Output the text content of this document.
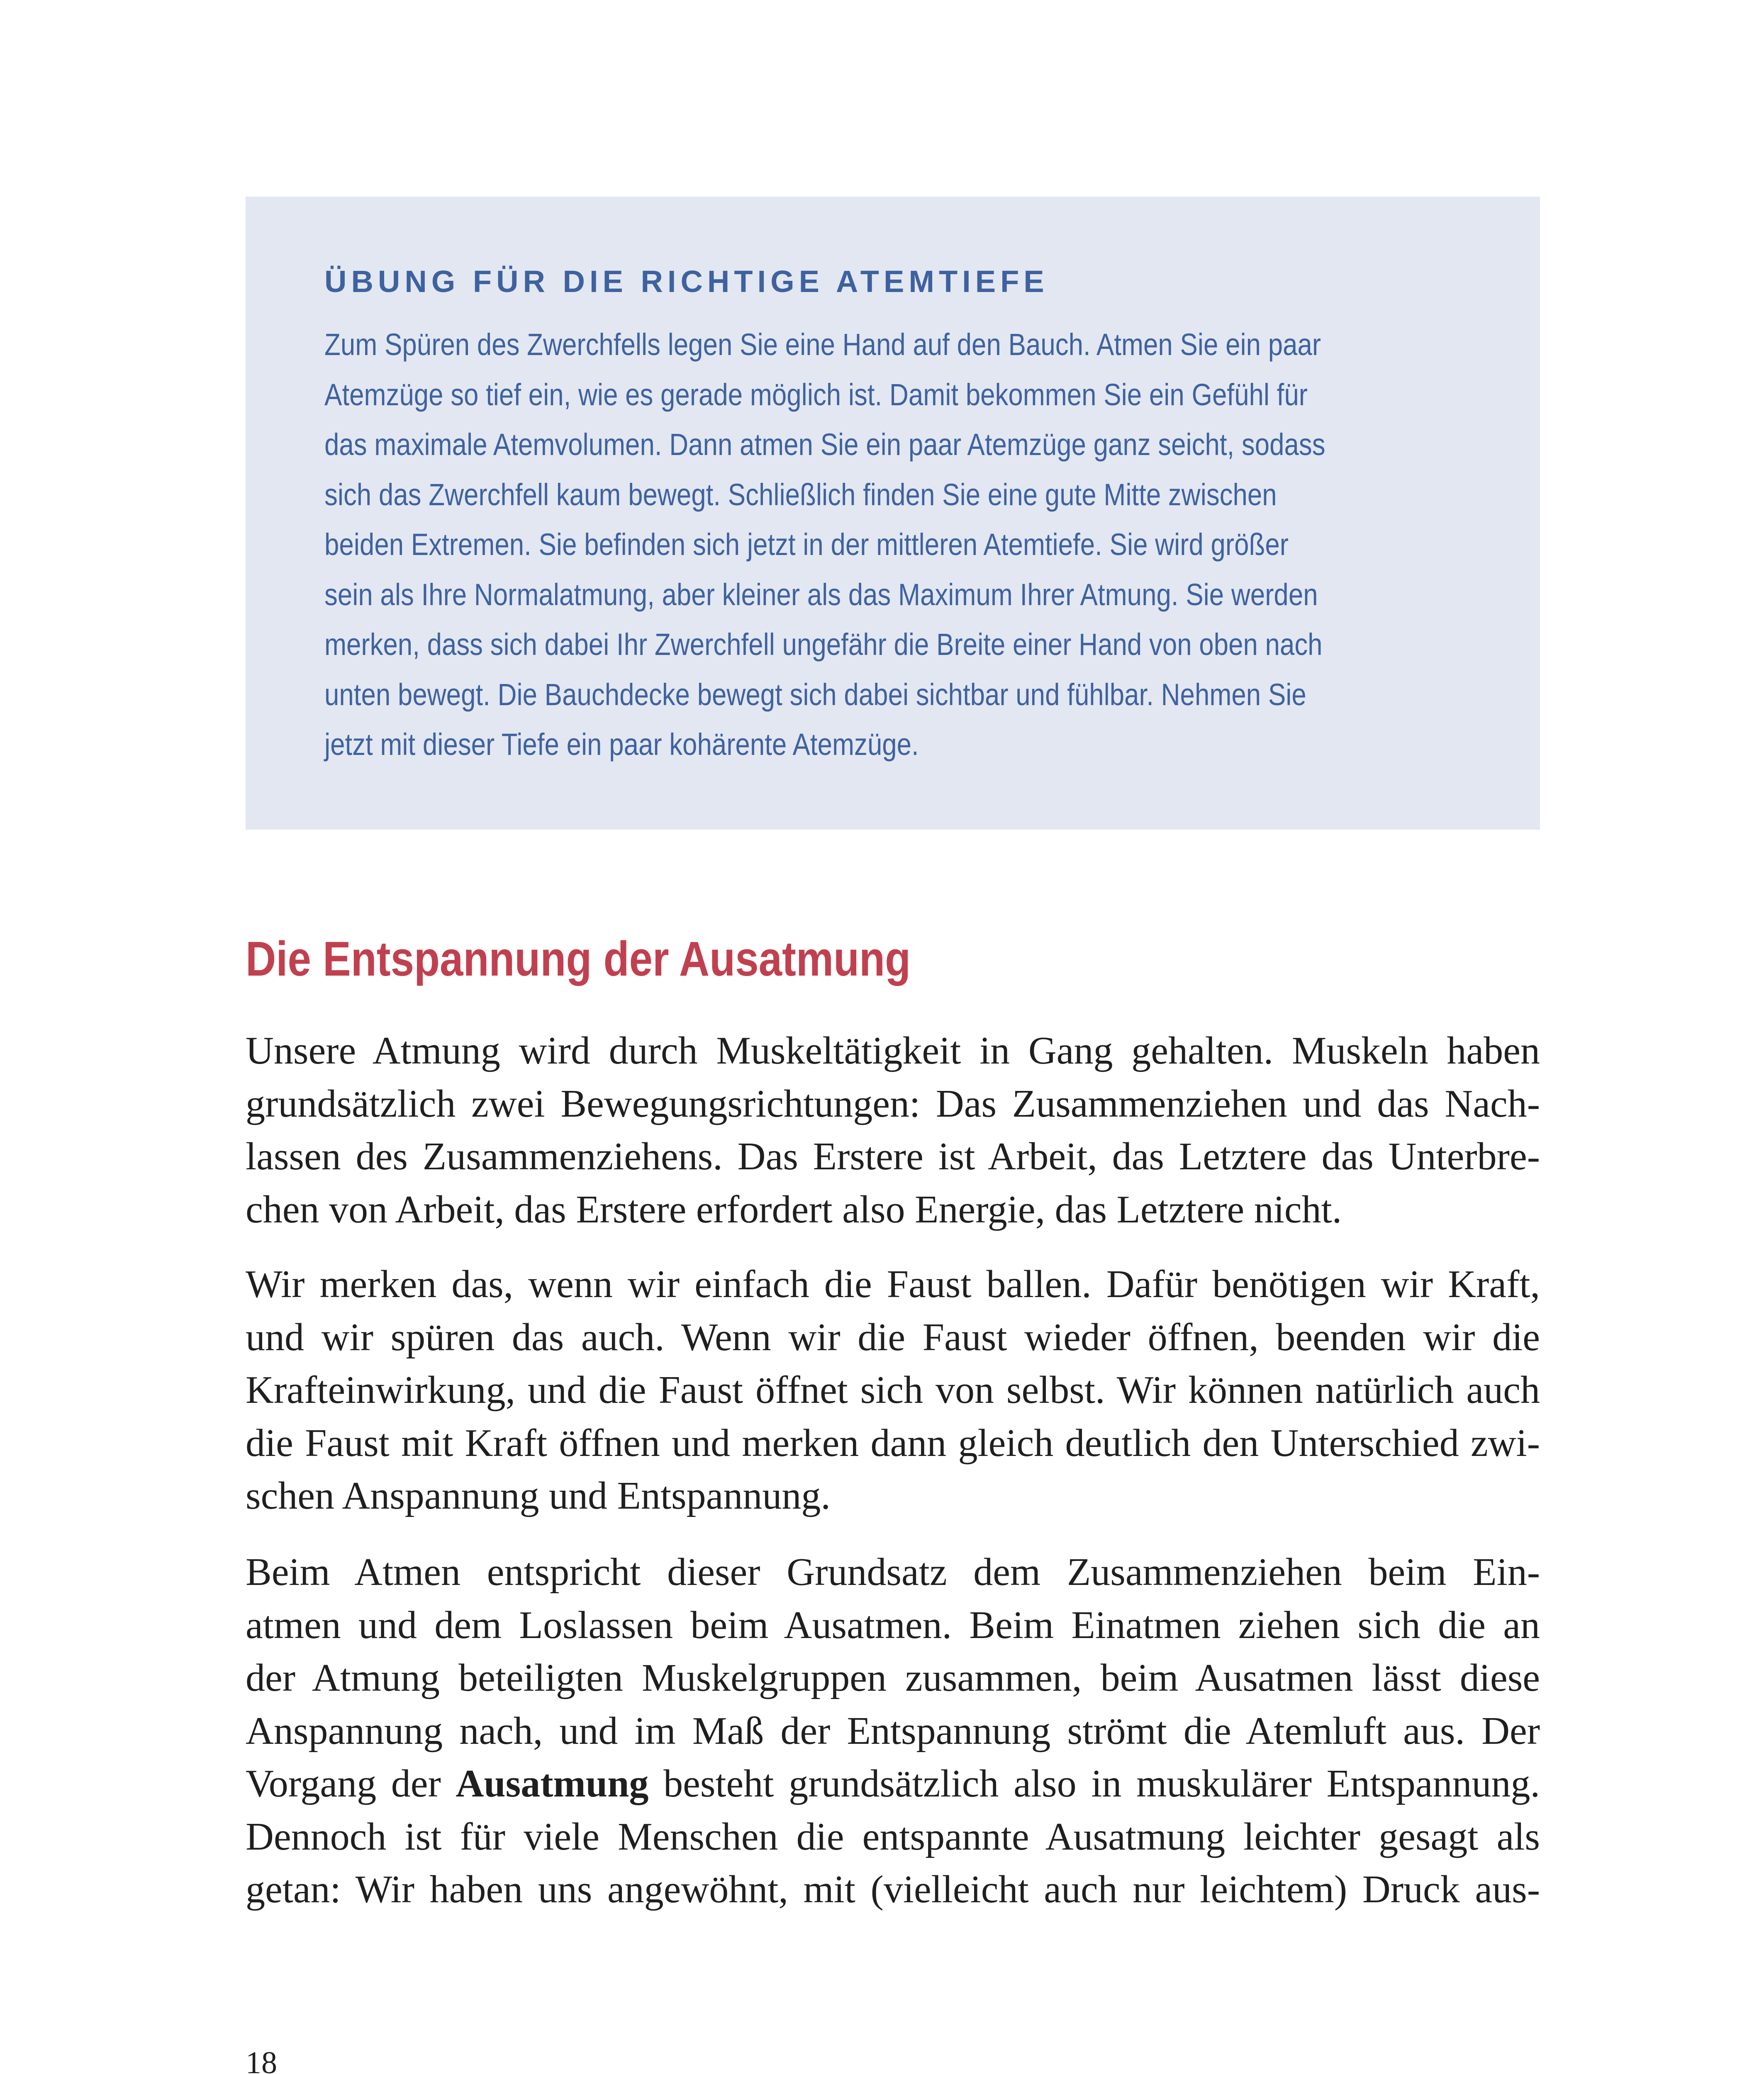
ÜBUNG FÜR DIE RICHTIGE ATEMTIEFE

Zum Spüren des Zwerchfells legen Sie eine Hand auf den Bauch. Atmen Sie ein paar
Atemzüge so tief ein, wie es gerade möglich ist. Damit bekommen Sie ein Gefühl für
das maximale Atemvolumen. Dann atmen Sie ein paar Atemzüge ganz seicht, sodass
sich das Zwerchfell kaum bewegt. Schließlich finden Sie eine gute Mitte zwischen
beiden Extremen. Sie befinden sich jetzt in der mittleren Atemtiefe. Sie wird größer
sein als Ihre Normalatmung, aber kleiner als das Maximum Ihrer Atmung. Sie werden
merken, dass sich dabei Ihr Zwerchfell ungefähr die Breite einer Hand von oben nach
unten bewegt. Die Bauchdecke bewegt sich dabei sichtbar und fühlbar. Nehmen Sie
jetzt mit dieser Tiefe ein paar kohärente Atemzüge.

Die Entspannung der Ausatmung

Unsere Atmung wird durch Muskeltätigkeit in Gang gehalten. Muskeln haben
grundsätzlich zwei Bewegungsrichtungen: Das Zusammenziehen und das Nach-
lassen des Zusammenziehens. Das Erstere ist Arbeit, das Letztere das Unterbre-
chen von Arbeit, das Erstere erfordert also Energie, das Letztere nicht.

Wir merken das, wenn wir einfach die Faust ballen. Dafür benötigen wir Kraft,
und wir spüren das auch. Wenn wir die Faust wieder öffnen, beenden wir die
Krafteinwirkung, und die Faust öffnet sich von selbst. Wir können natürlich auch
die Faust mit Kraft öffnen und merken dann gleich deutlich den Unterschied zwi-
schen Anspannung und Entspannung.

Beim Atmen entspricht dieser Grundsatz dem Zusammenziehen beim Ein-
atmen und dem Loslassen beim Ausatmen. Beim Einatmen ziehen sich die an
der Atmung beteiligten Muskelgruppen zusammen, beim Ausatmen lässt diese
Anspannung nach, und im Maß der Entspannung strömt die Atemluft aus. Der
Vorgang der Ausatmung besteht grundsätzlich also in muskulärer Entspannung.
Dennoch ist für viele Menschen die entspannte Ausatmung leichter gesagt als
getan: Wir haben uns angewöhnt, mit (vielleicht auch nur leichtem) Druck aus-

18
